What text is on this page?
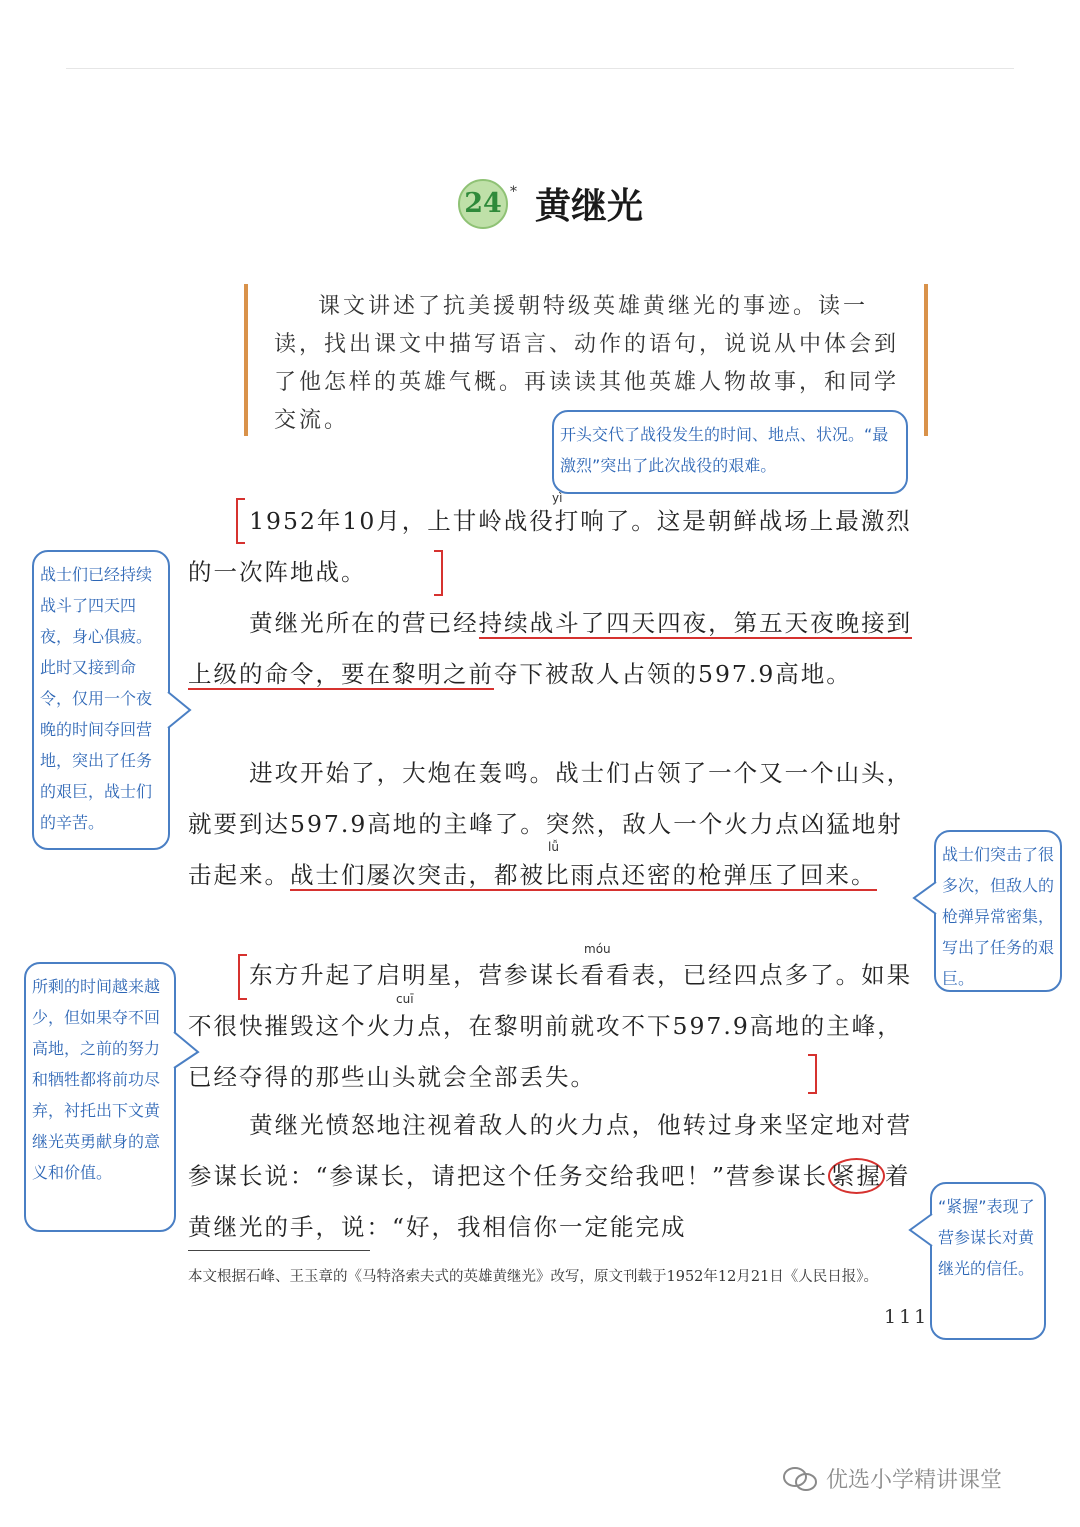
24 * 黄继光
课文讲述了抗美援朝特级英雄黄继光的事迹。读一读，找出课文中描写语言、动作的语句，说说从中体会到了他怎样的英雄气概。再读读其他英雄人物故事，和同学交流。
1952年10月，上甘岭战役打响了。这是朝鲜战场上最激烈的一次阵地战。
yì
黄继光所在的营已经持续战斗了四天四夜，第五天夜晚接到上级的命令，要在黎明之前夺下被敌人占领的597.9高地。
进攻开始了，大炮在轰鸣。战士们占领了一个又一个山头，就要到达597.9高地的主峰了。突然，敌人一个火力点凶猛地射击起来。战士们屡次突击，都被比雨点还密的枪弹压了回来。
lǚ
东方升起了启明星，营参谋长看看表，已经四点多了。如果不很快摧毁这个火力点，在黎明前就攻不下597.9高地的主峰，已经夺得的那些山头就会全部丢失。
móu
cuī
黄继光愤怒地注视着敌人的火力点，他转过身来坚定地对营参谋长说：“参谋长，请把这个任务交给我吧！”营参谋长 紧握 着黄继光的手，说：“好，我相信你一定能完成
本文根据石峰、王玉章的《马特洛索夫式的英雄黄继光》改写，原文刊载于1952年12月21日《人民日报》。
111
开头交代了战役发生的时间、地点、状况。“最激烈”突出了此次战役的艰难。
战士们已经持续战斗了四天四夜，身心俱疲。此时又接到命令，仅用一个夜晚的时间夺回营地，突出了任务的艰巨，战士们的辛苦。
战士们突击了很多次，但敌人的枪弹异常密集，写出了任务的艰巨。
所剩的时间越来越少，但如果夺不回高地，之前的努力和牺牲都将前功尽弃，衬托出下文黄继光英勇献身的意义和价值。
“紧握”表现了营参谋长对黄继光的信任。
优选小学精讲课堂
